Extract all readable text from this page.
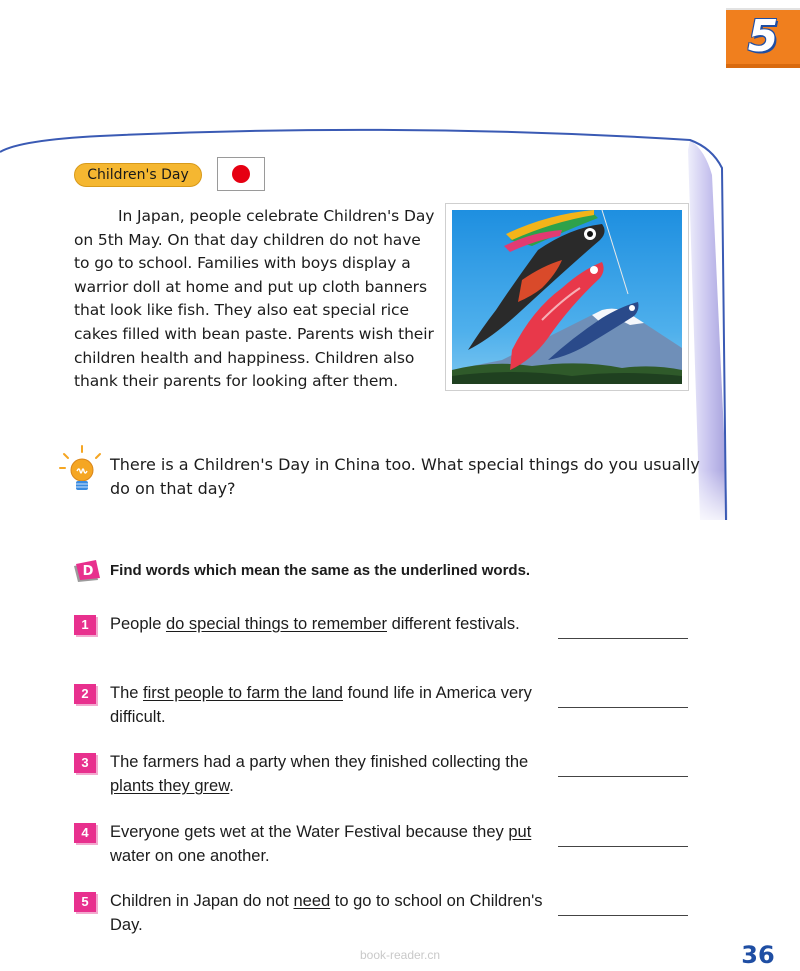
5
Children's Day

In Japan, people celebrate Children's Day on 5th May. On that day children do not have to go to school. Families with boys display a warrior doll at home and put up cloth banners that look like fish. They also eat special rice cakes filled with bean paste. Parents wish their children health and happiness. Children also thank their parents for looking after them.

There is a Children's Day in China too. What special things do you usually do on that day?
D Find words which mean the same as the underlined words.
1	People do special things to remember different festivals.
2	The first people to farm the land found life in America very difficult.
3	The farmers had a party when they finished collecting the plants they grew.
4	Everyone gets wet at the Water Festival because they put water on one another.
5	Children in Japan do not need to go to school on Children's Day.
book-reader.cn	36
